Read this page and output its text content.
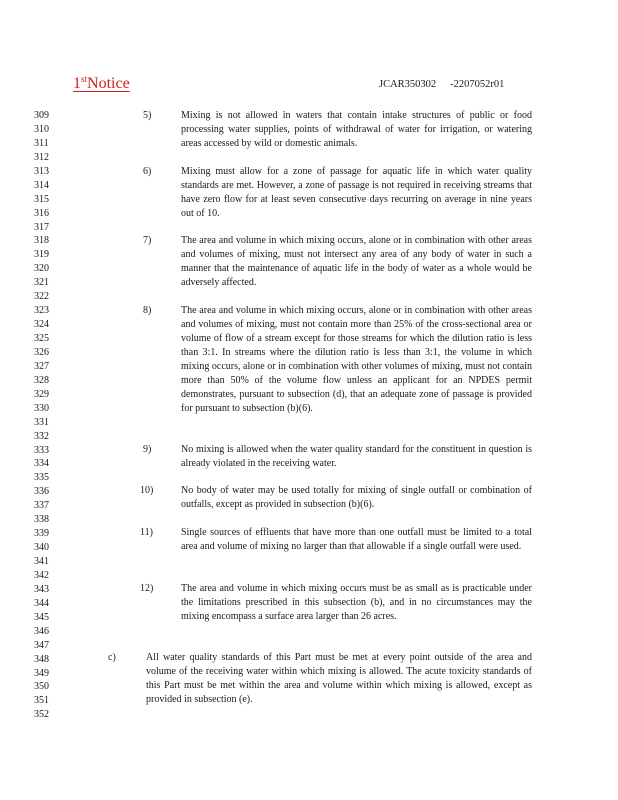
1stNotice	JCAR350302 -2207052r01
309
310
311
312
313
314
315
316
317
318
319
320
321
322
323
324
325
326
327
328
329
330
331
332
333
334
335
336
337
338
339
340
341
342
343
344
345
346
347
348
349
350
351
352
5)	Mixing is not allowed in waters that contain intake structures of public or food processing water supplies, points of withdrawal of water for irrigation, or watering areas accessed by wild or domestic animals.
6)	Mixing must allow for a zone of passage for aquatic life in which water quality standards are met. However, a zone of passage is not required in receiving streams that have zero flow for at least seven consecutive days recurring on average in nine years out of 10.
7)	The area and volume in which mixing occurs, alone or in combination with other areas and volumes of mixing, must not intersect any area of any body of water in such a manner that the maintenance of aquatic life in the body of water as a whole would be adversely affected.
8)	The area and volume in which mixing occurs, alone or in combination with other areas and volumes of mixing, must not contain more than 25% of the cross-sectional area or volume of flow of a stream except for those streams for which the dilution ratio is less than 3:1. In streams where the dilution ratio is less than 3:1, the volume in which mixing occurs, alone or in combination with other volumes of mixing, must not contain more than 50% of the volume flow unless an applicant for an NPDES permit demonstrates, pursuant to subsection (d), that an adequate zone of passage is provided for pursuant to subsection (b)(6).
9)	No mixing is allowed when the water quality standard for the constituent in question is already violated in the receiving water.
10)	No body of water may be used totally for mixing of single outfall or combination of outfalls, except as provided in subsection (b)(6).
11)	Single sources of effluents that have more than one outfall must be limited to a total area and volume of mixing no larger than that allowable if a single outfall were used.
12)	The area and volume in which mixing occurs must be as small as is practicable under the limitations prescribed in this subsection (b), and in no circumstances may the mixing encompass a surface area larger than 26 acres.
c)	All water quality standards of this Part must be met at every point outside of the area and volume of the receiving water within which mixing is allowed. The acute toxicity standards of this Part must be met within the area and volume within which mixing is allowed, except as provided in subsection (e).
